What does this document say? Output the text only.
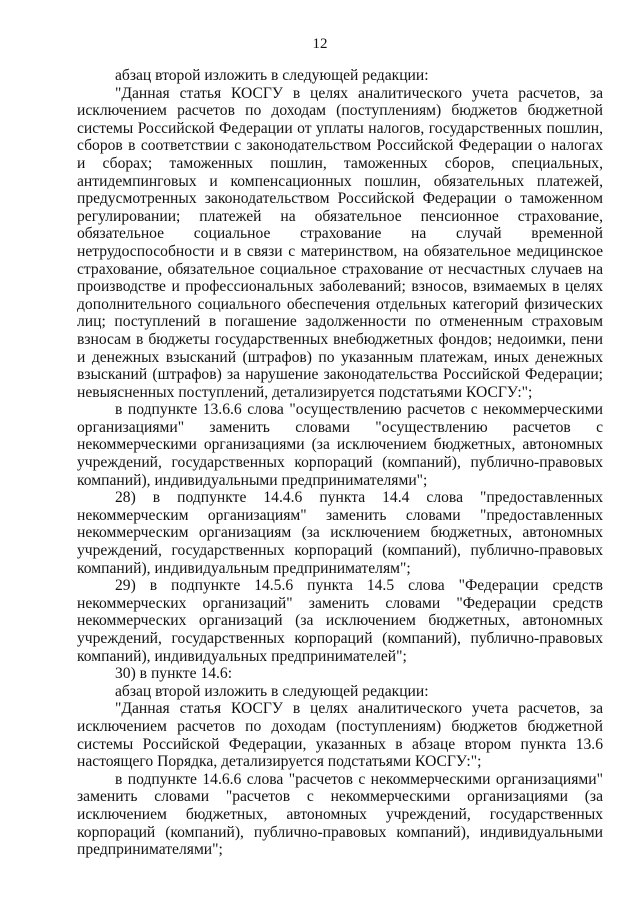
12

абзац второй изложить в следующей редакции:

"Данная статья КОСГУ в целях аналитического учета расчетов, за исключением расчетов по доходам (поступлениям) бюджетов бюджетной системы Российской Федерации от уплаты налогов, государственных пошлин, сборов в соответствии с законодательством Российской Федерации о налогах и сборах; таможенных пошлин, таможенных сборов, специальных, антидемпинговых и компенсационных пошлин, обязательных платежей, предусмотренных законодательством Российской Федерации о таможенном регулировании; платежей на обязательное пенсионное страхование, обязательное социальное страхование на случай временной нетрудоспособности и в связи с материнством, на обязательное медицинское страхование, обязательное социальное страхование от несчастных случаев на производстве и профессиональных заболеваний; взносов, взимаемых в целях дополнительного социального обеспечения отдельных категорий физических лиц; поступлений в погашение задолженности по отмененным страховым взносам в бюджеты государственных внебюджетных фондов; недоимки, пени и денежных взысканий (штрафов) по указанным платежам, иных денежных взысканий (штрафов) за нарушение законодательства Российской Федерации; невыясненных поступлений, детализируется подстатьями КОСГУ:";

в подпункте 13.6.6 слова "осуществлению расчетов с некоммерческими организациями" заменить словами "осуществлению расчетов с некоммерческими организациями (за исключением бюджетных, автономных учреждений, государственных корпораций (компаний), публично-правовых компаний), индивидуальными предпринимателями";

28) в подпункте 14.4.6 пункта 14.4 слова "предоставленных некоммерческим организациям" заменить словами "предоставленных некоммерческим организациям (за исключением бюджетных, автономных учреждений, государственных корпораций (компаний), публично-правовых компаний), индивидуальным предпринимателям";

29) в подпункте 14.5.6 пункта 14.5 слова "Федерации средств некоммерческих организаций" заменить словами "Федерации средств некоммерческих организаций (за исключением бюджетных, автономных учреждений, государственных корпораций (компаний), публично-правовых компаний), индивидуальных предпринимателей";

30) в пункте 14.6:

абзац второй изложить в следующей редакции:

"Данная статья КОСГУ в целях аналитического учета расчетов, за исключением расчетов по доходам (поступлениям) бюджетов бюджетной системы Российской Федерации, указанных в абзаце втором пункта 13.6 настоящего Порядка, детализируется подстатьями КОСГУ:";

в подпункте 14.6.6 слова "расчетов с некоммерческими организациями" заменить словами "расчетов с некоммерческими организациями (за исключением бюджетных, автономных учреждений, государственных корпораций (компаний), публично-правовых компаний), индивидуальными предпринимателями";
